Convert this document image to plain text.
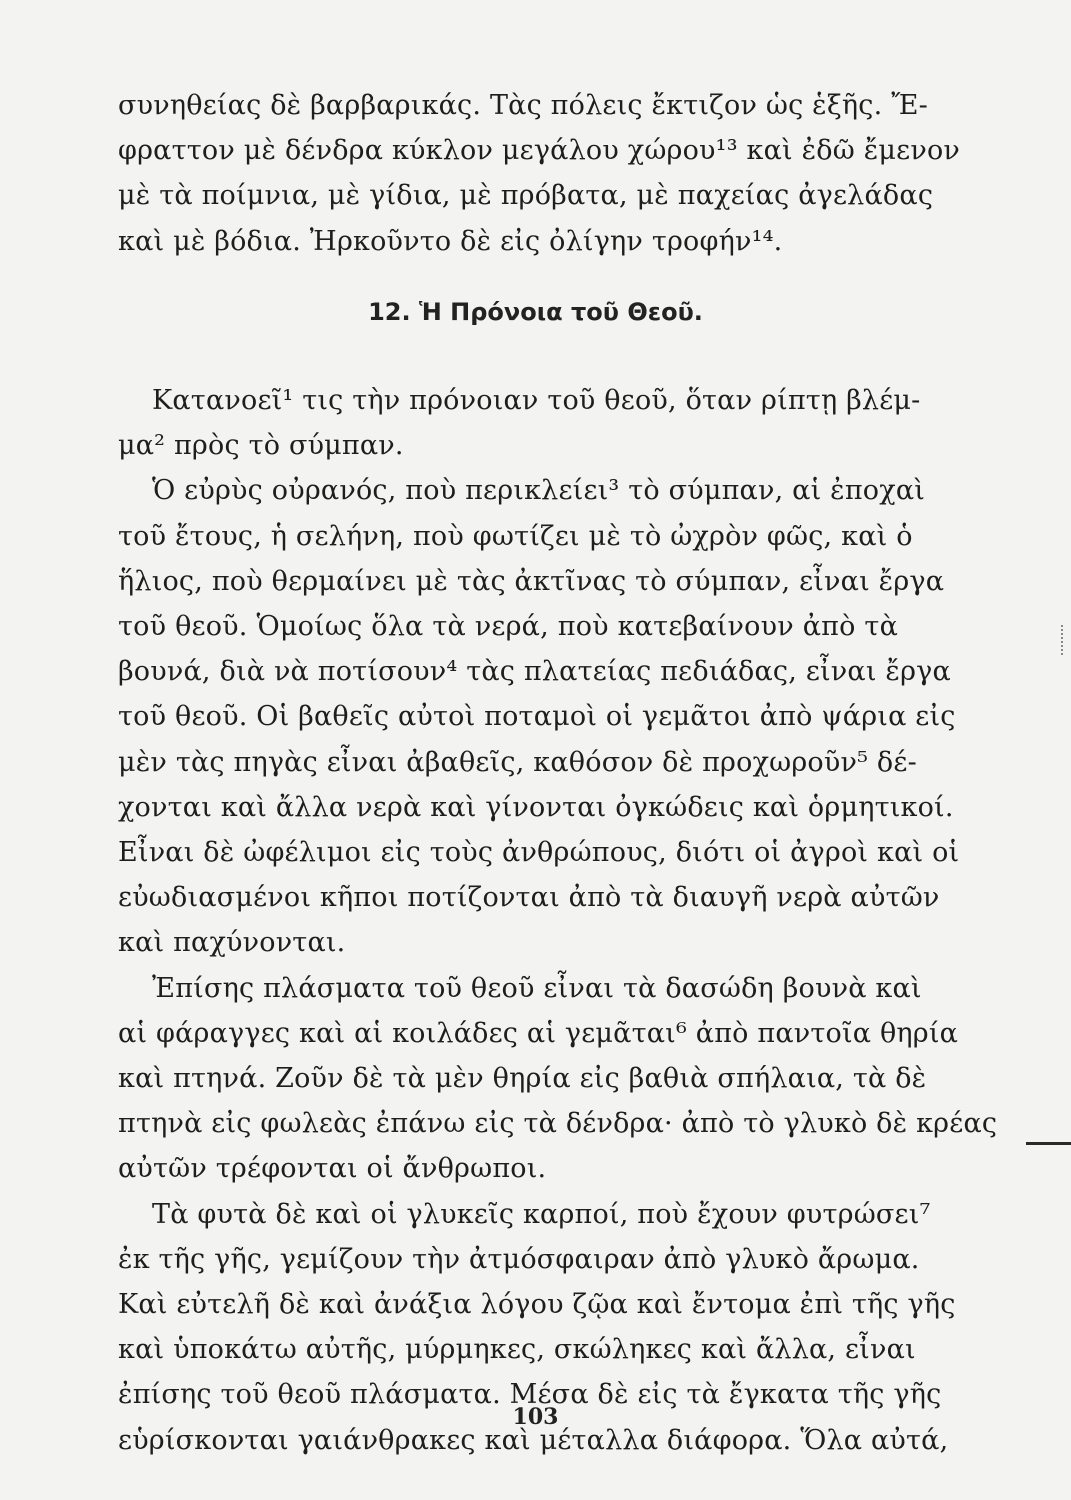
συνηθείας δὲ βαρβαρικάς. Τὰς πόλεις ἔκτιζον ὡς ἑξῆς. Ἔ-
φραττον μὲ δένδρα κύκλον μεγάλου χώρου¹³ καὶ ἐδῶ ἔμενον
μὲ τὰ ποίμνια, μὲ γίδια, μὲ πρόβατα, μὲ παχείας ἀγελάδας
καὶ μὲ βόδια. Ἠρκοῦντο δὲ εἰς ὀλίγην τροφήν¹⁴.
12. Ἡ Πρόνοια τοῦ Θεοῦ.
Κατανοεῖ¹ τις τὴν πρόνοιαν τοῦ θεοῦ, ὅταν ρίπτῃ βλέμ-
μα² πρὸς τὸ σύμπαν.
Ὁ εὐρὺς οὐρανός, ποὺ περικλείει³ τὸ σύμπαν, αἱ ἐποχαὶ
τοῦ ἔτους, ἡ σελήνη, ποὺ φωτίζει μὲ τὸ ὠχρὸν φῶς, καὶ ὁ
ἥλιος, ποὺ θερμαίνει μὲ τὰς ἀκτῖνας τὸ σύμπαν, εἶναι ἔργα
τοῦ θεοῦ. Ὁμοίως ὅλα τὰ νερά, ποὺ κατεβαίνουν ἀπὸ τὰ
βουνά, διὰ νὰ ποτίσουν⁴ τὰς πλατείας πεδιάδας, εἶναι ἔργα
τοῦ θεοῦ. Οἱ βαθεῖς αὐτοὶ ποταμοὶ οἱ γεμᾶτοι ἀπὸ ψάρια εἰς
μὲν τὰς πηγὰς εἶναι ἀβαθεῖς, καθόσον δὲ προχωροῦν⁵ δέ-
χονται καὶ ἄλλα νερὰ καὶ γίνονται ὀγκώδεις καὶ ὁρμητικοί.
Εἶναι δὲ ὠφέλιμοι εἰς τοὺς ἀνθρώπους, διότι οἱ ἀγροὶ καὶ οἱ
εὐωδιασμένοι κῆποι ποτίζονται ἀπὸ τὰ διαυγῆ νερὰ αὐτῶν
καὶ παχύνονται.
Ἐπίσης πλάσματα τοῦ θεοῦ εἶναι τὰ δασώδη βουνὰ καὶ
αἱ φάραγγες καὶ αἱ κοιλάδες αἱ γεμᾶται⁶ ἀπὸ παντοῖα θηρία
καὶ πτηνά. Ζοῦν δὲ τὰ μὲν θηρία εἰς βαθιὰ σπήλαια, τὰ δὲ
πτηνὰ εἰς φωλεὰς ἐπάνω εἰς τὰ δένδρα· ἀπὸ τὸ γλυκὸ δὲ κρέας
αὐτῶν τρέφονται οἱ ἄνθρωποι.
Τὰ φυτὰ δὲ καὶ οἱ γλυκεῖς καρποί, ποὺ ἔχουν φυτρώσει⁷
ἐκ τῆς γῆς, γεμίζουν τὴν ἀτμόσφαιραν ἀπὸ γλυκὸ ἄρωμα.
Καὶ εὐτελῆ δὲ καὶ ἀνάξια λόγου ζῷα καὶ ἔντομα ἐπὶ τῆς γῆς
καὶ ὑποκάτω αὐτῆς, μύρμηκες, σκώληκες καὶ ἄλλα, εἶναι
ἐπίσης τοῦ θεοῦ πλάσματα. Μέσα δὲ εἰς τὰ ἔγκατα τῆς γῆς
εὑρίσκονται γαιάνθρακες καὶ μέταλλα διάφορα. Ὅλα αὐτά,
103
